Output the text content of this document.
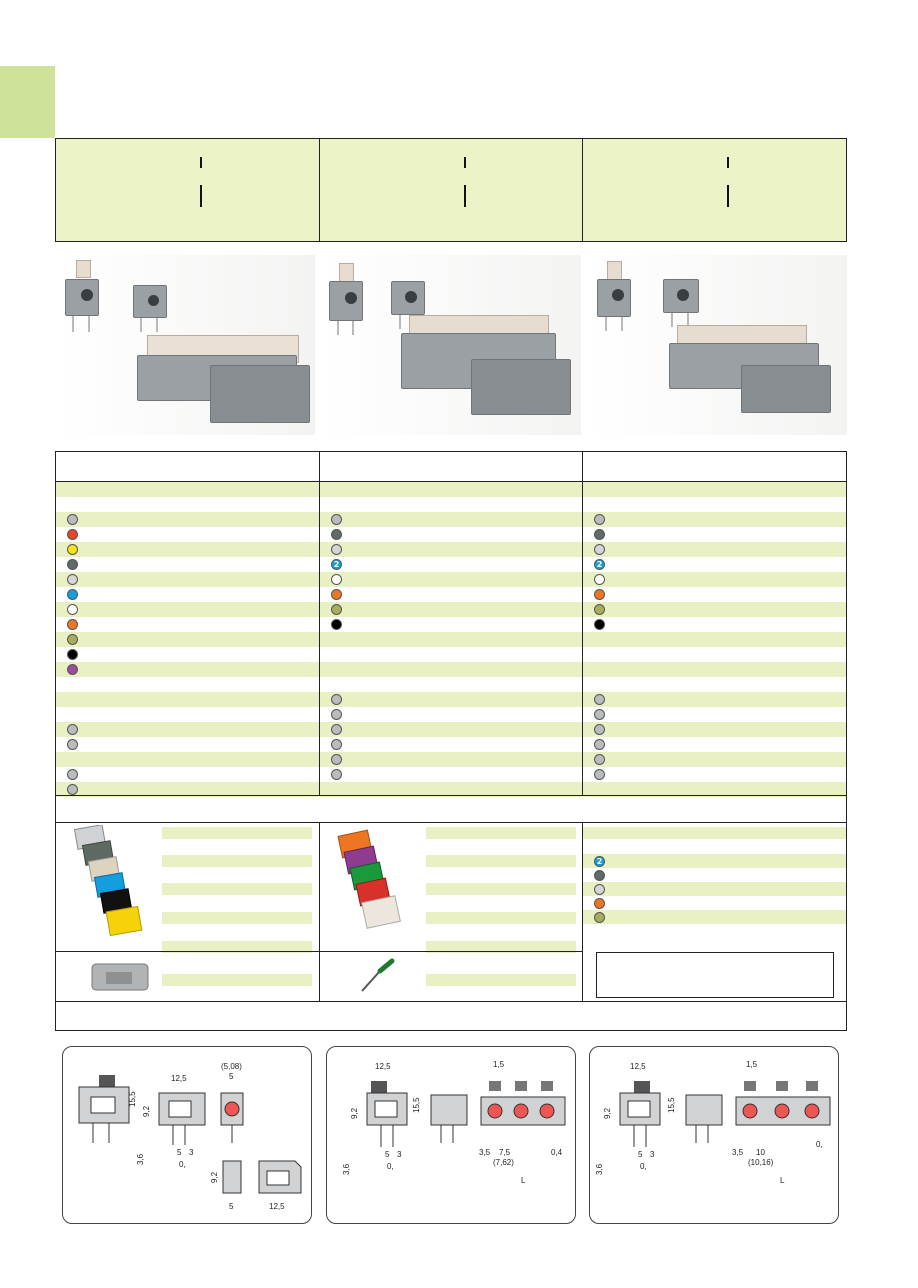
2	2
2
15,5
9,2
12,5
(5,08)
5
3,6
5 3
0,
9,2
5	12,5
12,5	1,5
9,2
15,5
3,6
5 3
0,
3,5 7,5
(7,62)
0,4
L
12,5	1,5
9,2
15,5
3,6
5 3
0,
3,5 10
(10,16)
0,
L
